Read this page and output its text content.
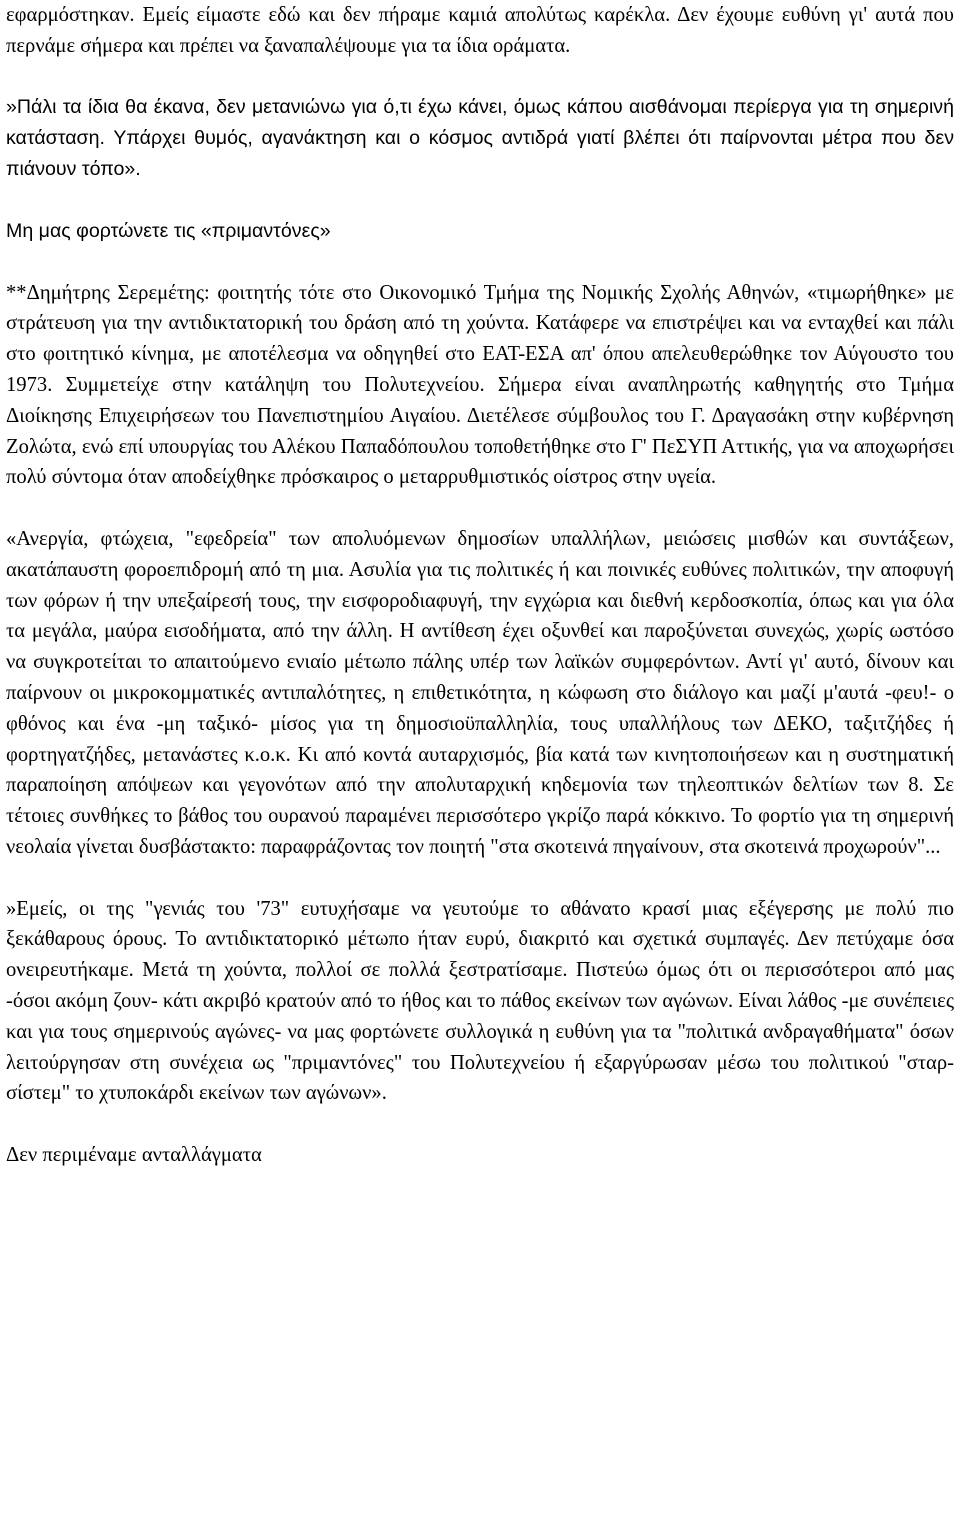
εφαρμόστηκαν. Εμείς είμαστε εδώ και δεν πήραμε καμιά απολύτως καρέκλα. Δεν έχουμε ευθύνη γι' αυτά που περνάμε σήμερα και πρέπει να ξαναπαλέψουμε για τα ίδια οράματα.

»Πάλι τα ίδια θα έκανα, δεν μετανιώνω για ό,τι έχω κάνει, όμως κάπου αισθάνομαι περίεργα για τη σημερινή κατάσταση. Υπάρχει θυμός, αγανάκτηση και ο κόσμος αντιδρά γιατί βλέπει ότι παίρνονται μέτρα που δεν πιάνουν τόπο».

Μη μας φορτώνετε τις «πριμαντόνες»

**Δημήτρης Σερεμέτης: φοιτητής τότε στο Οικονομικό Τμήμα της Νομικής Σχολής Αθηνών, «τιμωρήθηκε» με στράτευση για την αντιδικτατορική του δράση από τη χούντα. Κατάφερε να επιστρέψει και να ενταχθεί και πάλι στο φοιτητικό κίνημα, με αποτέλεσμα να οδηγηθεί στο ΕΑΤ-ΕΣΑ απ' όπου απελευθερώθηκε τον Αύγουστο του 1973. Συμμετείχε στην κατάληψη του Πολυτεχνείου. Σήμερα είναι αναπληρωτής καθηγητής στο Τμήμα Διοίκησης Επιχειρήσεων του Πανεπιστημίου Αιγαίου. Διετέλεσε σύμβουλος του Γ. Δραγασάκη στην κυβέρνηση Ζολώτα, ενώ επί υπουργίας του Αλέκου Παπαδόπουλου τοποθετήθηκε στο Γ' ΠεΣΥΠ Αττικής, για να αποχωρήσει πολύ σύντομα όταν αποδείχθηκε πρόσκαιρος ο μεταρρυθμιστικός οίστρος στην υγεία.

«Ανεργία, φτώχεια, "εφεδρεία" των απολυόμενων δημοσίων υπαλλήλων, μειώσεις μισθών και συντάξεων, ακατάπαυστη φοροεπιδρομή από τη μια. Ασυλία για τις πολιτικές ή και ποινικές ευθύνες πολιτικών, την αποφυγή των φόρων ή την υπεξαίρεσή τους, την εισφοροδιαφυγή, την εγχώρια και διεθνή κερδοσκοπία, όπως και για όλα τα μεγάλα, μαύρα εισοδήματα, από την άλλη. Η αντίθεση έχει οξυνθεί και παροξύνεται συνεχώς, χωρίς ωστόσο να συγκροτείται το απαιτούμενο ενιαίο μέτωπο πάλης υπέρ των λαϊκών συμφερόντων. Αντί γι' αυτό, δίνουν και παίρνουν οι μικροκομματικές αντιπαλότητες, η επιθετικότητα, η κώφωση στο διάλογο και μαζί μ'αυτά -φευ!- ο φθόνος και ένα -μη ταξικό- μίσος για τη δημοσιοϋπαλληλία, τους υπαλλήλους των ΔΕΚΟ, ταξιτζήδες ή φορτηγατζήδες, μετανάστες κ.ο.κ. Κι από κοντά αυταρχισμός, βία κατά των κινητοποιήσεων και η συστηματική παραποίηση απόψεων και γεγονότων από την απολυταρχική κηδεμονία των τηλεοπτικών δελτίων των 8. Σε τέτοιες συνθήκες το βάθος του ουρανού παραμένει περισσότερο γκρίζο παρά κόκκινο. Το φορτίο για τη σημερινή νεολαία γίνεται δυσβάστακτο: παραφράζοντας τον ποιητή "στα σκοτεινά πηγαίνουν, στα σκοτεινά προχωρούν"...

»Εμείς, οι της "γενιάς του '73" ευτυχήσαμε να γευτούμε το αθάνατο κρασί μιας εξέγερσης με πολύ πιο ξεκάθαρους όρους. Το αντιδικτατορικό μέτωπο ήταν ευρύ, διακριτό και σχετικά συμπαγές. Δεν πετύχαμε όσα ονειρευτήκαμε. Μετά τη χούντα, πολλοί σε πολλά ξεστρατίσαμε. Πιστεύω όμως ότι οι περισσότεροι από μας -όσοι ακόμη ζουν- κάτι ακριβό κρατούν από το ήθος και το πάθος εκείνων των αγώνων. Είναι λάθος -με συνέπειες και για τους σημερινούς αγώνες- να μας φορτώνετε συλλογικά η ευθύνη για τα "πολιτικά ανδραγαθήματα" όσων λειτούργησαν στη συνέχεια ως "πριμαντόνες" του Πολυτεχνείου ή εξαργύρωσαν μέσω του πολιτικού "σταρ-σίστεμ" το χτυπoκάρδι εκείνων των αγώνων».

Δεν περιμέναμε ανταλλάγματα
